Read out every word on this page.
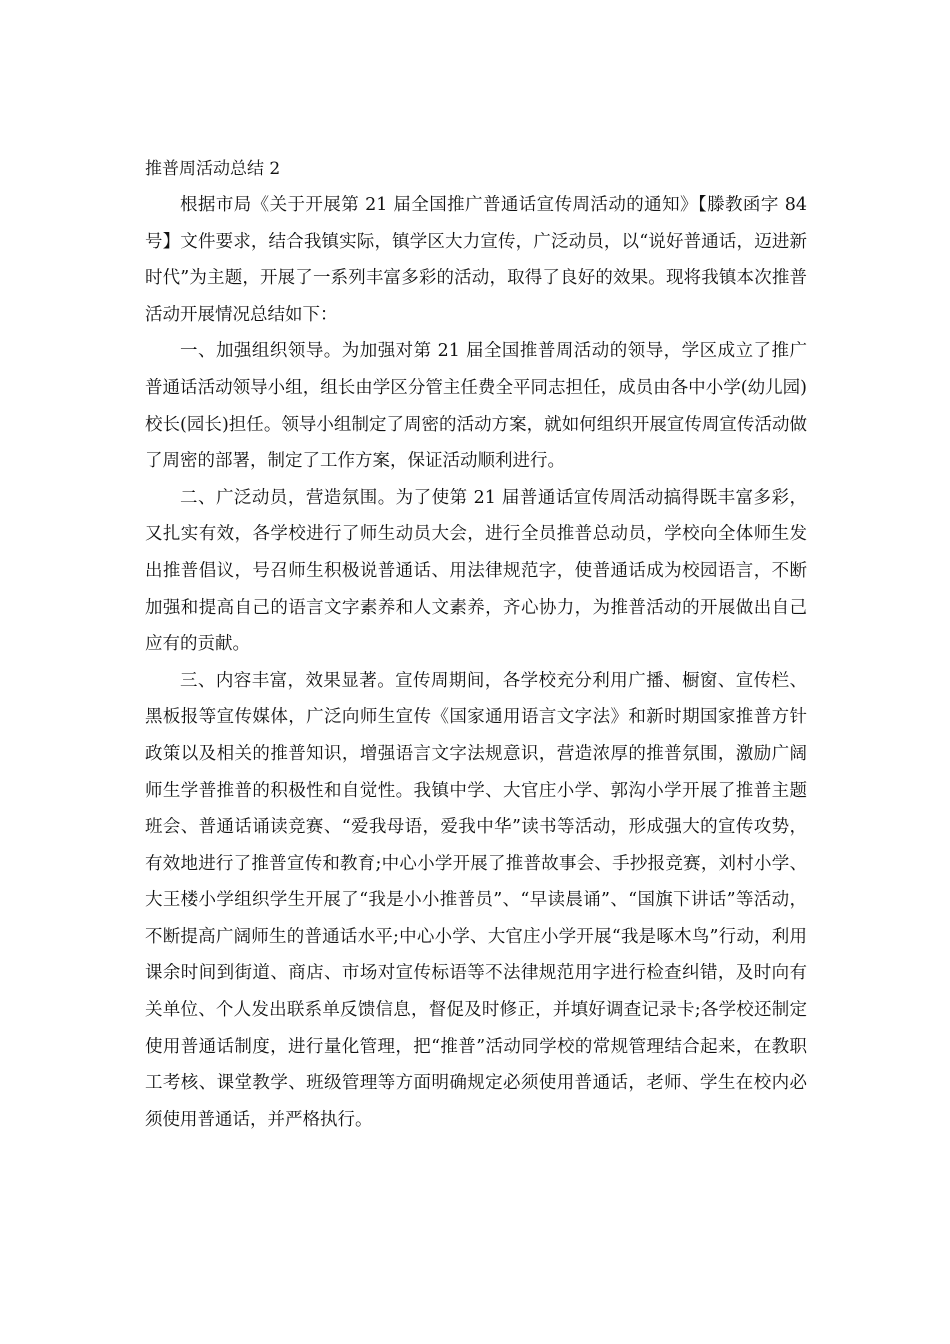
推普周活动总结 2

根据市局《关于开展第 21 届全国推广普通话宣传周活动的通知》【滕教函字 84 号】文件要求，结合我镇实际，镇学区大力宣传，广泛动员，以“说好普通话，迈进新时代”为主题，开展了一系列丰富多彩的活动，取得了良好的效果。现将我镇本次推普活动开展情况总结如下：

一、加强组织领导。为加强对第 21 届全国推普周活动的领导，学区成立了推广普通话活动领导小组，组长由学区分管主任费全平同志担任，成员由各中小学(幼儿园)校长(园长)担任。领导小组制定了周密的活动方案，就如何组织开展宣传周宣传活动做了周密的部署，制定了工作方案，保证活动顺利进行。

二、广泛动员，营造氛围。为了使第 21 届普通话宣传周活动搞得既丰富多彩，又扎实有效，各学校进行了师生动员大会，进行全员推普总动员，学校向全体师生发出推普倡议，号召师生积极说普通话、用法律规范字，使普通话成为校园语言，不断加强和提高自己的语言文字素养和人文素养，齐心协力，为推普活动的开展做出自己应有的贡献。

三、内容丰富，效果显著。宣传周期间，各学校充分利用广播、橱窗、宣传栏、黑板报等宣传媒体，广泛向师生宣传《国家通用语言文字法》和新时期国家推普方针政策以及相关的推普知识，增强语言文字法规意识，营造浓厚的推普氛围，激励广阔师生学普推普的积极性和自觉性。我镇中学、大官庄小学、郭沟小学开展了推普主题班会、普通话诵读竞赛、“爱我母语，爱我中华”读书等活动，形成强大的宣传攻势，有效地进行了推普宣传和教育;中心小学开展了推普故事会、手抄报竞赛，刘村小学、大王楼小学组织学生开展了“我是小小推普员”、“早读晨诵”、“国旗下讲话”等活动，不断提高广阔师生的普通话水平;中心小学、大官庄小学开展“我是啄木鸟”行动，利用课余时间到街道、商店、市场对宣传标语等不法律规范用字进行检查纠错，及时向有关单位、个人发出联系单反馈信息，督促及时修正，并填好调查记录卡;各学校还制定使用普通话制度，进行量化管理，把“推普”活动同学校的常规管理结合起来，在教职工考核、课堂教学、班级管理等方面明确规定必须使用普通话，老师、学生在校内必须使用普通话，并严格执行。
